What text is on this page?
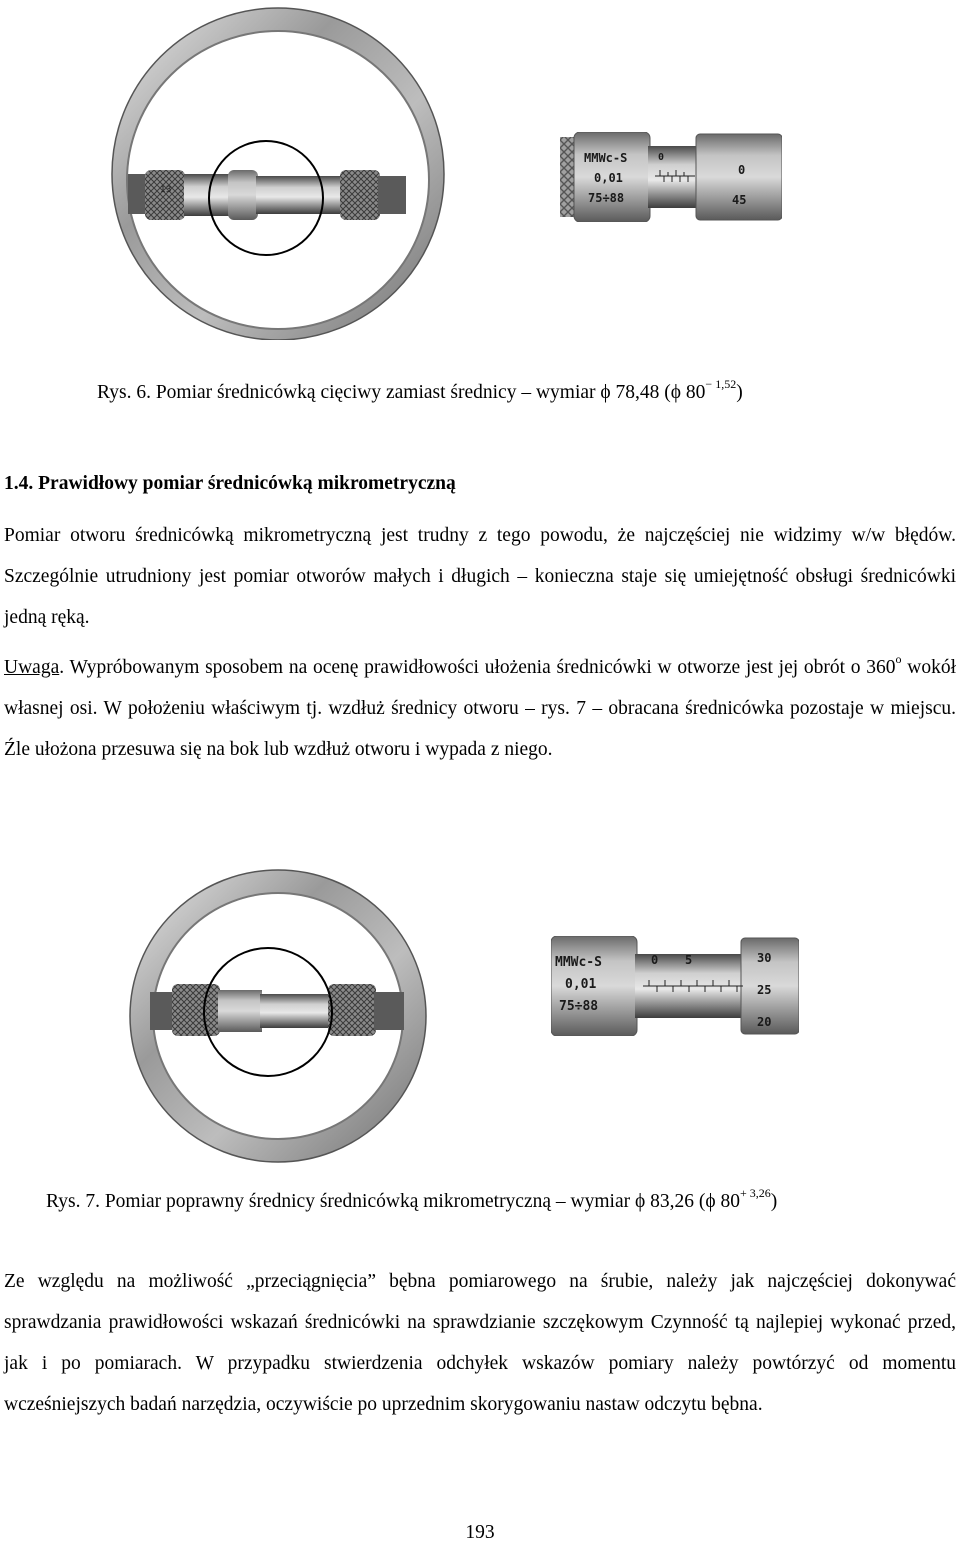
13
MMWc-S
0,01
75÷88
0
0
45
Rys. 6. Pomiar średnicówką cięciwy zamiast średnicy – wymiar ϕ 78,48 (ϕ $80^{- 1,52}$)
1.4. Prawidłowy pomiar średnicówką mikrometryczną
Pomiar otworu średnicówką mikrometryczną jest trudny z tego powodu, że najczęściej nie widzimy w/w błędów. Szczególnie utrudniony jest pomiar otworów małych i długich – konieczna staje się umiejętność obsługi średnicówki jedną ręką.
Uwaga. Wypróbowanym sposobem na ocenę prawidłowości ułożenia średnicówki w otworze jest jej obrót o 360$^o$ wokół własnej osi. W położeniu właściwym tj. wzdłuż średnicy otworu – rys. 7 – obracana średnicówka pozostaje w miejscu. Źle ułożona przesuwa się na bok lub wzdłuż otworu i wypada z niego.
MMWc-S
0,01
75÷88
0 5	30
25
20
Rys. 7. Pomiar poprawny średnicy średnicówką mikrometryczną – wymiar ϕ 83,26 (ϕ $80^{+ 3,26}$)
Ze względu na możliwość „przeciągnięcia” bębna pomiarowego na śrubie, należy jak najczęściej dokonywać sprawdzania prawidłowości wskazań średnicówki na sprawdzianie szczękowym Czynność tą najlepiej wykonać przed, jak i po pomiarach. W przypadku stwierdzenia odchyłek wskazów pomiary należy powtórzyć od momentu wcześniejszych badań narzędzia, oczywiście po uprzednim skorygowaniu nastaw odczytu bębna.
193
